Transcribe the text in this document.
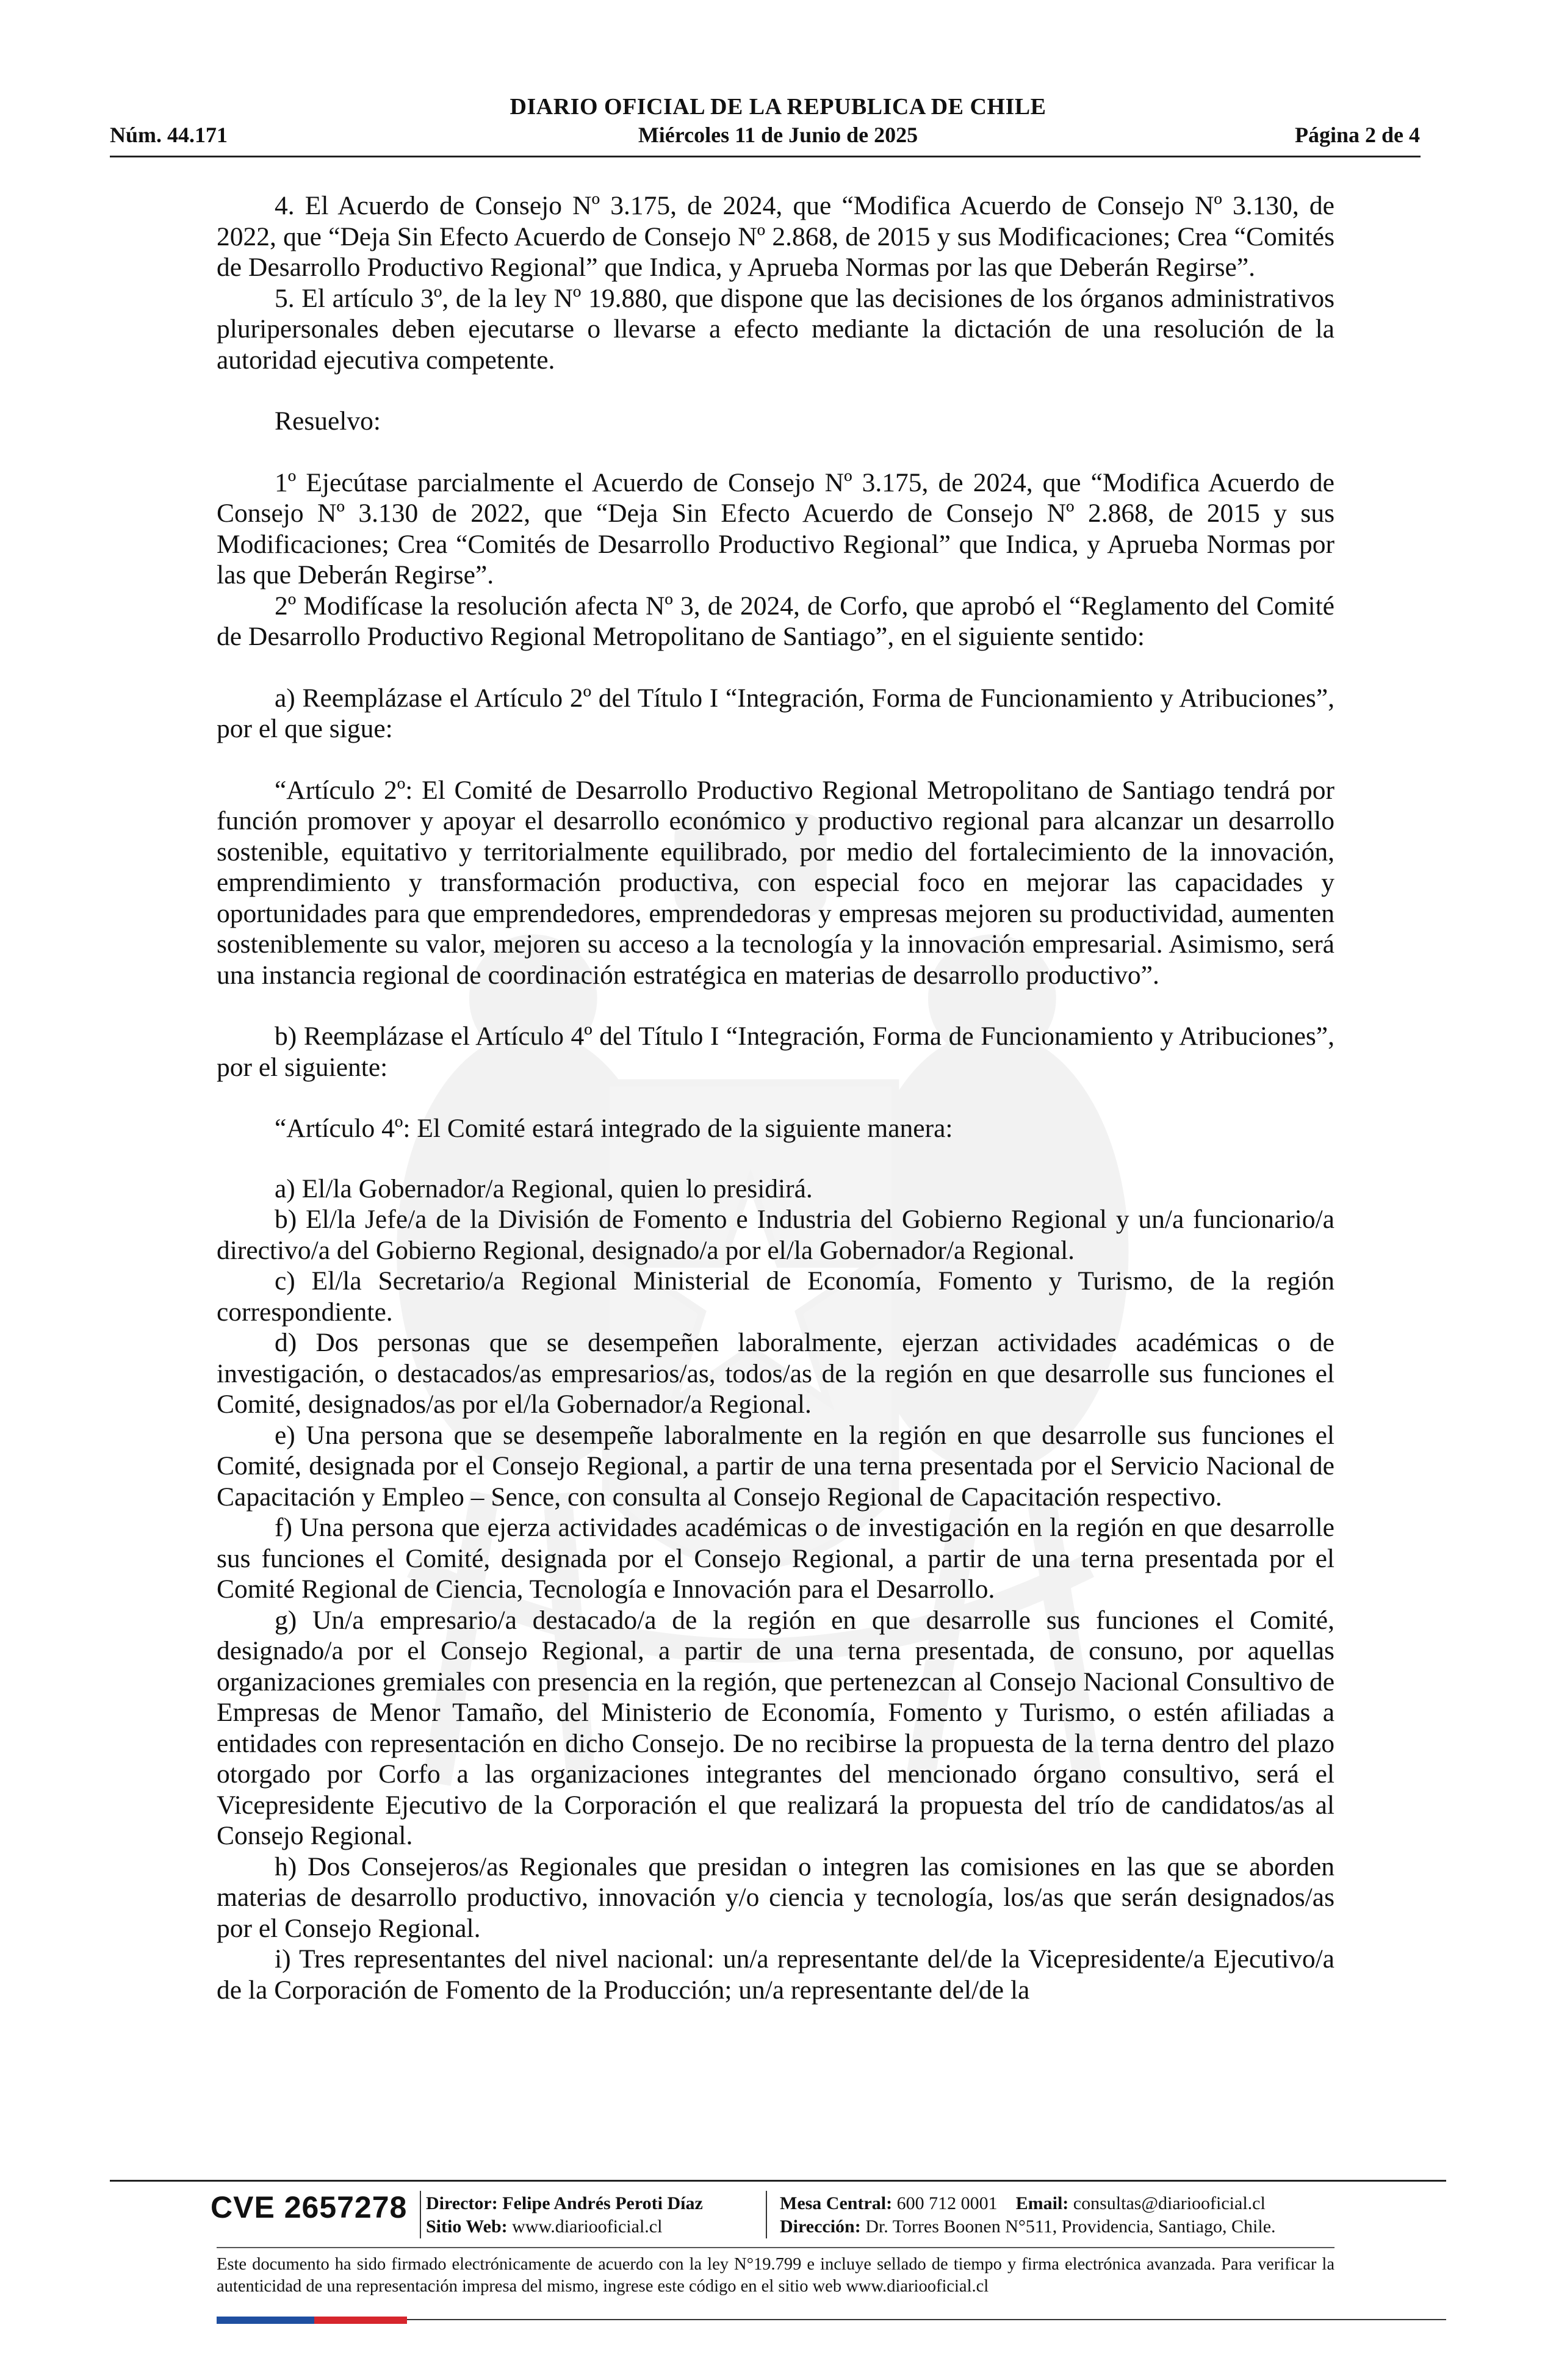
DIARIO OFICIAL DE LA REPUBLICA DE CHILE
Núm. 44.171	Miércoles 11 de Junio de 2025	Página 2 de 4

4. El Acuerdo de Consejo Nº 3.175, de 2024, que “Modifica Acuerdo de Consejo Nº 3.130, de 2022, que “Deja Sin Efecto Acuerdo de Consejo Nº 2.868, de 2015 y sus Modificaciones; Crea “Comités de Desarrollo Productivo Regional” que Indica, y Aprueba Normas por las que Deberán Regirse”.

5. El artículo 3º, de la ley Nº 19.880, que dispone que las decisiones de los órganos administrativos pluripersonales deben ejecutarse o llevarse a efecto mediante la dictación de una resolución de la autoridad ejecutiva competente.

Resuelvo:

1º Ejecútase parcialmente el Acuerdo de Consejo Nº 3.175, de 2024, que “Modifica Acuerdo de Consejo Nº 3.130 de 2022, que “Deja Sin Efecto Acuerdo de Consejo Nº 2.868, de 2015 y sus Modificaciones; Crea “Comités de Desarrollo Productivo Regional” que Indica, y Aprueba Normas por las que Deberán Regirse”.

2º Modifícase la resolución afecta Nº 3, de 2024, de Corfo, que aprobó el “Reglamento del Comité de Desarrollo Productivo Regional Metropolitano de Santiago”, en el siguiente sentido:

a) Reemplázase el Artículo 2º del Título I “Integración, Forma de Funcionamiento y Atribuciones”, por el que sigue:

“Artículo 2º: El Comité de Desarrollo Productivo Regional Metropolitano de Santiago tendrá por función promover y apoyar el desarrollo económico y productivo regional para alcanzar un desarrollo sostenible, equitativo y territorialmente equilibrado, por medio del fortalecimiento de la innovación, emprendimiento y transformación productiva, con especial foco en mejorar las capacidades y oportunidades para que emprendedores, emprendedoras y empresas mejoren su productividad, aumenten sosteniblemente su valor, mejoren su acceso a la tecnología y la innovación empresarial. Asimismo, será una instancia regional de coordinación estratégica en materias de desarrollo productivo”.

b) Reemplázase el Artículo 4º del Título I “Integración, Forma de Funcionamiento y Atribuciones”, por el siguiente:

“Artículo 4º: El Comité estará integrado de la siguiente manera:

a) El/la Gobernador/a Regional, quien lo presidirá.

b) El/la Jefe/a de la División de Fomento e Industria del Gobierno Regional y un/a funcionario/a directivo/a del Gobierno Regional, designado/a por el/la Gobernador/a Regional.

c) El/la Secretario/a Regional Ministerial de Economía, Fomento y Turismo, de la región correspondiente.

d) Dos personas que se desempeñen laboralmente, ejerzan actividades académicas o de investigación, o destacados/as empresarios/as, todos/as de la región en que desarrolle sus funciones el Comité, designados/as por el/la Gobernador/a Regional.

e) Una persona que se desempeñe laboralmente en la región en que desarrolle sus funciones el Comité, designada por el Consejo Regional, a partir de una terna presentada por el Servicio Nacional de Capacitación y Empleo – Sence, con consulta al Consejo Regional de Capacitación respectivo.

f) Una persona que ejerza actividades académicas o de investigación en la región en que desarrolle sus funciones el Comité, designada por el Consejo Regional, a partir de una terna presentada por el Comité Regional de Ciencia, Tecnología e Innovación para el Desarrollo.

g) Un/a empresario/a destacado/a de la región en que desarrolle sus funciones el Comité, designado/a por el Consejo Regional, a partir de una terna presentada, de consuno, por aquellas organizaciones gremiales con presencia en la región, que pertenezcan al Consejo Nacional Consultivo de Empresas de Menor Tamaño, del Ministerio de Economía, Fomento y Turismo, o estén afiliadas a entidades con representación en dicho Consejo. De no recibirse la propuesta de la terna dentro del plazo otorgado por Corfo a las organizaciones integrantes del mencionado órgano consultivo, será el Vicepresidente Ejecutivo de la Corporación el que realizará la propuesta del trío de candidatos/as al Consejo Regional.

h) Dos Consejeros/as Regionales que presidan o integren las comisiones en las que se aborden materias de desarrollo productivo, innovación y/o ciencia y tecnología, los/as que serán designados/as por el Consejo Regional.

i) Tres representantes del nivel nacional: un/a representante del/de la Vicepresidente/a Ejecutivo/a de la Corporación de Fomento de la Producción; un/a representante del/de la

CVE 2657278 Director: Felipe Andrés Peroti Díaz
Sitio Web: www.diariooficial.cl
Mesa Central: 600 712 0001 Email: consultas@diariooficial.cl
Dirección: Dr. Torres Boonen N°511, Providencia, Santiago, Chile.
Este documento ha sido firmado electrónicamente de acuerdo con la ley N°19.799 e incluye sellado de tiempo y firma electrónica avanzada. Para verificar la autenticidad de una representación impresa del mismo, ingrese este código en el sitio web www.diariooficial.cl
